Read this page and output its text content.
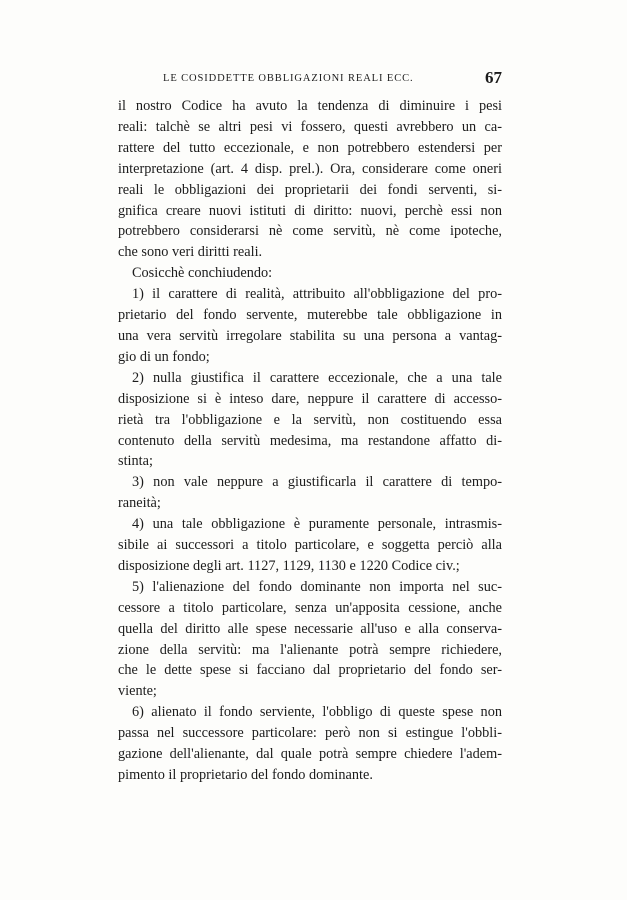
LE COSIDDETTE OBBLIGAZIONI REALI ECC.	67
il nostro Codice ha avuto la tendenza di diminuire i pesi
reali: talchè se altri pesi vi fossero, questi avrebbero un ca-
rattere del tutto eccezionale, e non potrebbero estendersi per
interpretazione (art. 4 disp. prel.). Ora, considerare come oneri
reali le obbligazioni dei proprietarii dei fondi serventi, si-
gnifica creare nuovi istituti di diritto: nuovi, perchè essi non
potrebbero considerarsi nè come servitù, nè come ipoteche,
che sono veri diritti reali.
Cosicchè conchiudendo:
1) il carattere di realità, attribuito all'obbligazione del pro-
prietario del fondo servente, muterebbe tale obbligazione in
una vera servitù irregolare stabilita su una persona a vantag-
gio di un fondo;
2) nulla giustifica il carattere eccezionale, che a una tale
disposizione si è inteso dare, neppure il carattere di accesso-
rietà tra l'obbligazione e la servitù, non costituendo essa
contenuto della servitù medesima, ma restandone affatto di-
stinta;
3) non vale neppure a giustificarla il carattere di tempo-
raneità;
4) una tale obbligazione è puramente personale, intrasmis-
sibile ai successori a titolo particolare, e soggetta perciò alla
disposizione degli art. 1127, 1129, 1130 e 1220 Codice civ.;
5) l'alienazione del fondo dominante non importa nel suc-
cessore a titolo particolare, senza un'apposita cessione, anche
quella del diritto alle spese necessarie all'uso e alla conserva-
zione della servitù: ma l'alienante potrà sempre richiedere,
che le dette spese si facciano dal proprietario del fondo ser-
viente;
6) alienato il fondo serviente, l'obbligo di queste spese non
passa nel successore particolare: però non si estingue l'obbli-
gazione dell'alienante, dal quale potrà sempre chiedere l'adem-
pimento il proprietario del fondo dominante.
